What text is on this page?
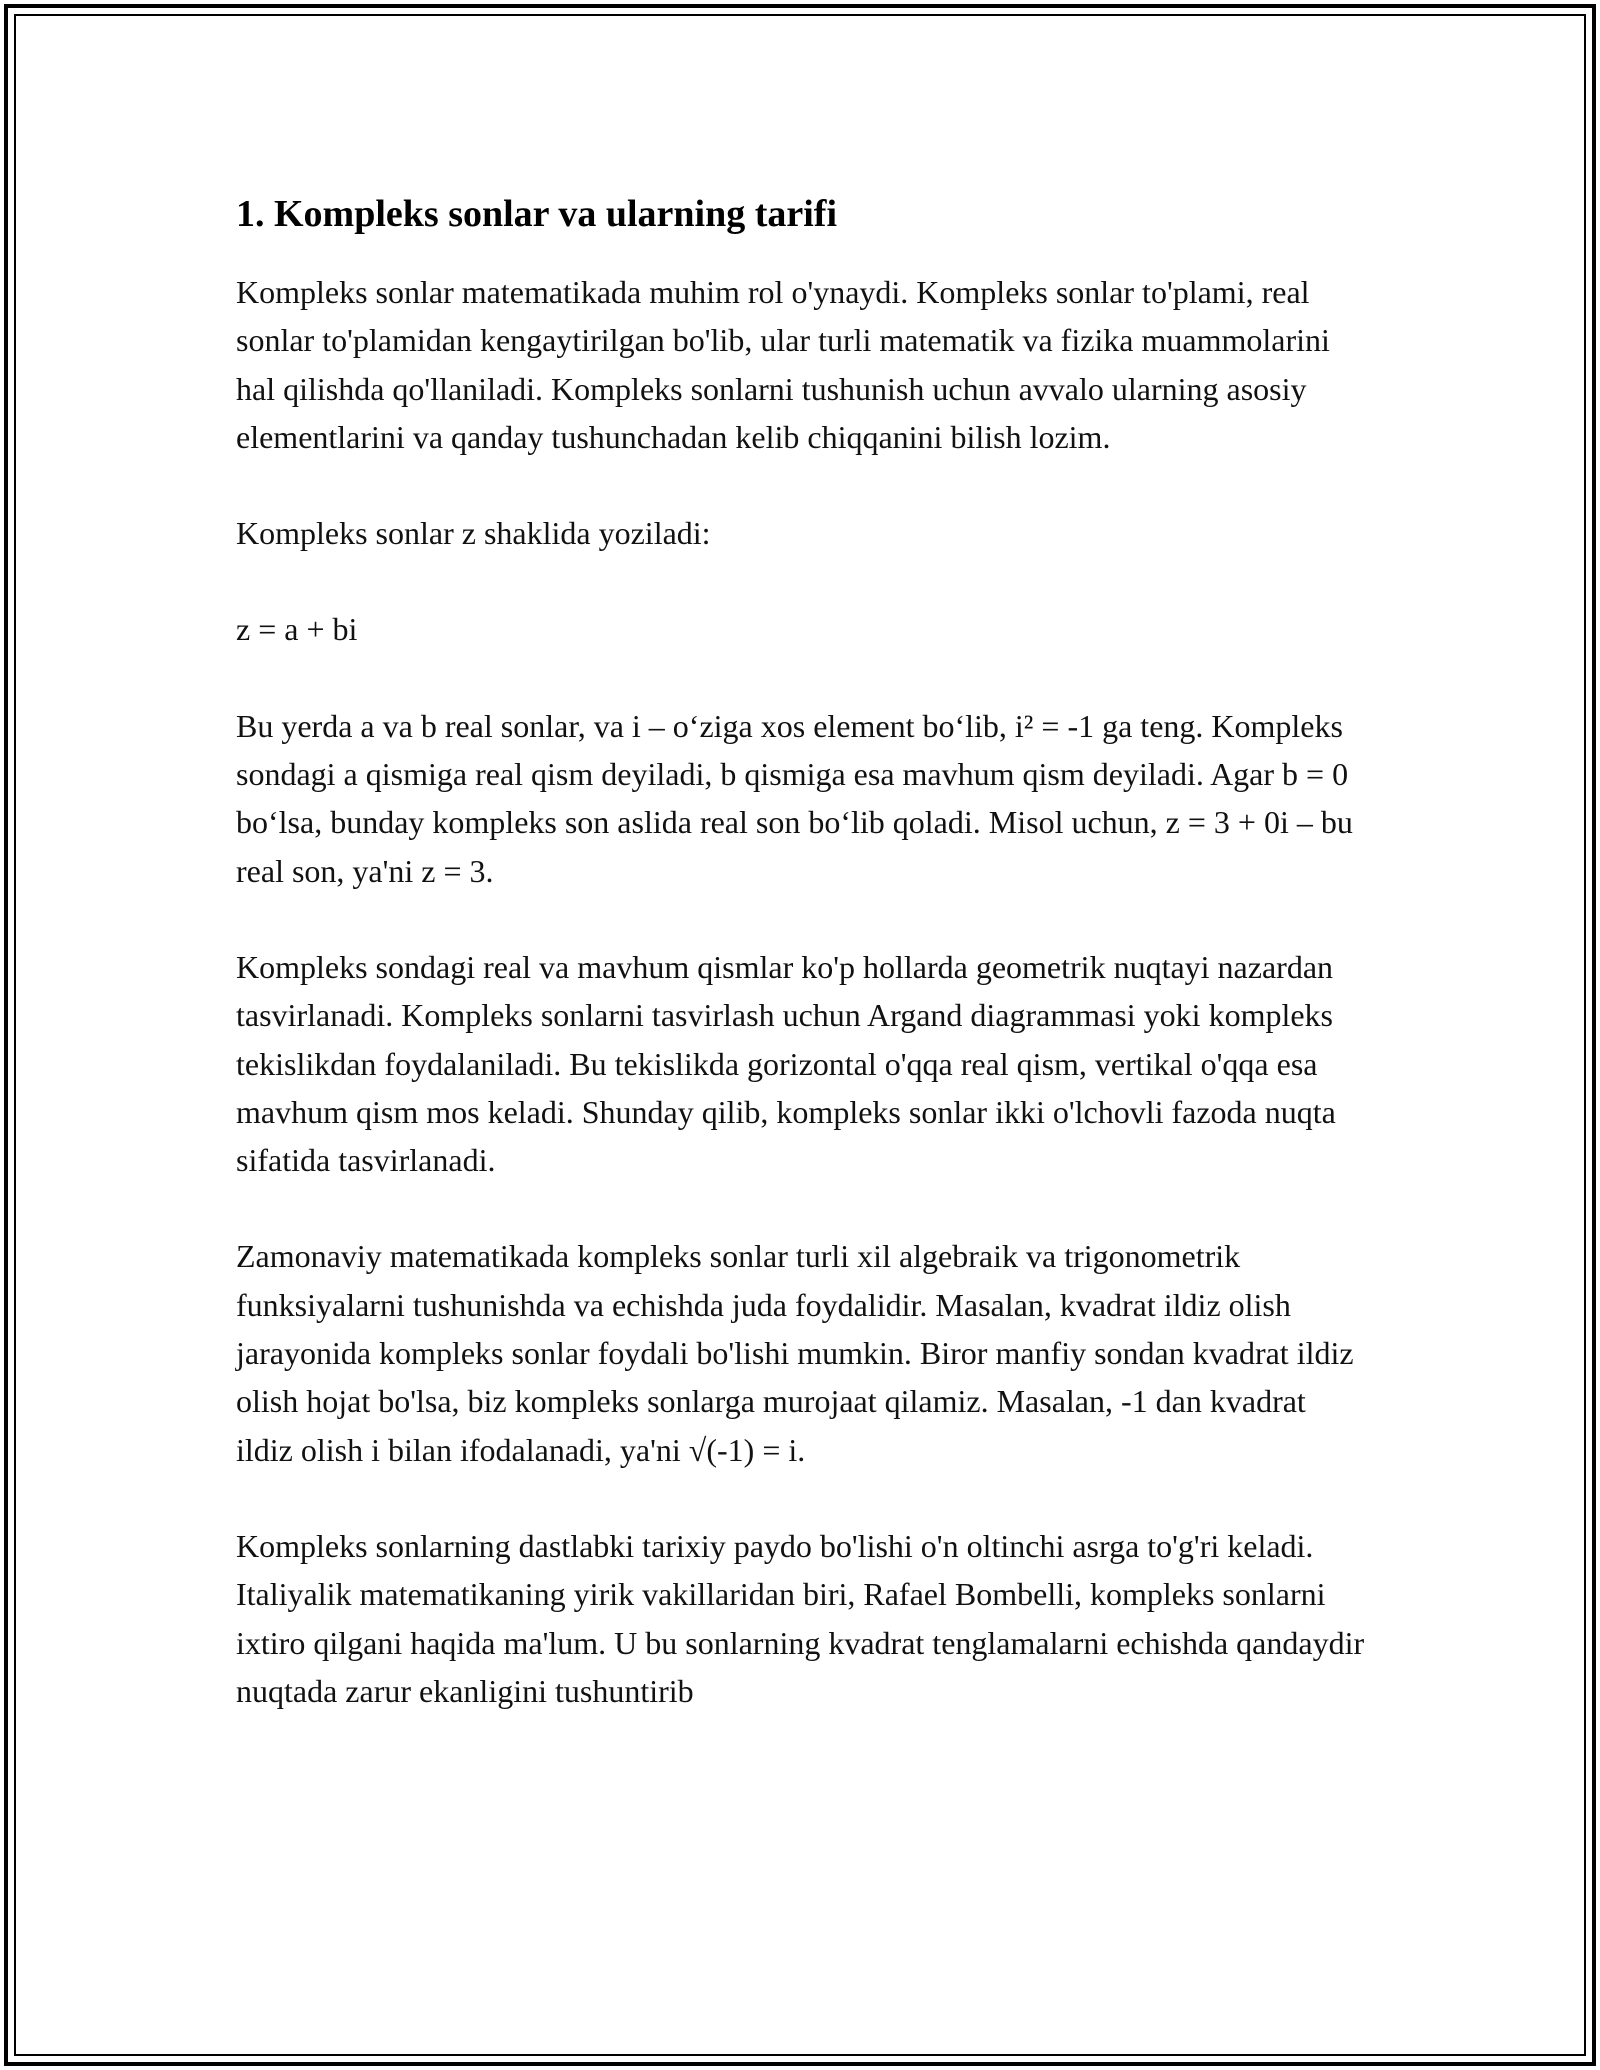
1. Kompleks sonlar va ularning tarifi

Kompleks sonlar matematikada muhim rol o'ynaydi. Kompleks sonlar to'plami, real sonlar to'plamidan kengaytirilgan bo'lib, ular turli matematik va fizika muammolarini hal qilishda qo'llaniladi. Kompleks sonlarni tushunish uchun avvalo ularning asosiy elementlarini va qanday tushunchadan kelib chiqqanini bilish lozim.

Kompleks sonlar z shaklida yoziladi:

z = a + bi

Bu yerda a va b real sonlar, va i – o‘ziga xos element bo‘lib, i² = -1 ga teng. Kompleks sondagi a qismiga real qism deyiladi, b qismiga esa mavhum qism deyiladi. Agar b = 0 bo‘lsa, bunday kompleks son aslida real son bo‘lib qoladi. Misol uchun, z = 3 + 0i – bu real son, ya'ni z = 3.

Kompleks sondagi real va mavhum qismlar ko'p hollarda geometrik nuqtayi nazardan tasvirlanadi. Kompleks sonlarni tasvirlash uchun Argand diagrammasi yoki kompleks tekislikdan foydalaniladi. Bu tekislikda gorizontal o'qqa real qism, vertikal o'qqa esa mavhum qism mos keladi. Shunday qilib, kompleks sonlar ikki o'lchovli fazoda nuqta sifatida tasvirlanadi.

Zamonaviy matematikada kompleks sonlar turli xil algebraik va trigonometrik funksiyalarni tushunishda va echishda juda foydalidir. Masalan, kvadrat ildiz olish jarayonida kompleks sonlar foydali bo'lishi mumkin. Biror manfiy sondan kvadrat ildiz olish hojat bo'lsa, biz kompleks sonlarga murojaat qilamiz. Masalan, -1 dan kvadrat ildiz olish i bilan ifodalanadi, ya'ni √(-1) = i.

Kompleks sonlarning dastlabki tarixiy paydo bo'lishi o'n oltinchi asrga to'g'ri keladi. Italiyalik matematikaning yirik vakillaridan biri, Rafael Bombelli, kompleks sonlarni ixtiro qilgani haqida ma'lum. U bu sonlarning kvadrat tenglamalarni echishda qandaydir nuqtada zarur ekanligini tushuntirib
